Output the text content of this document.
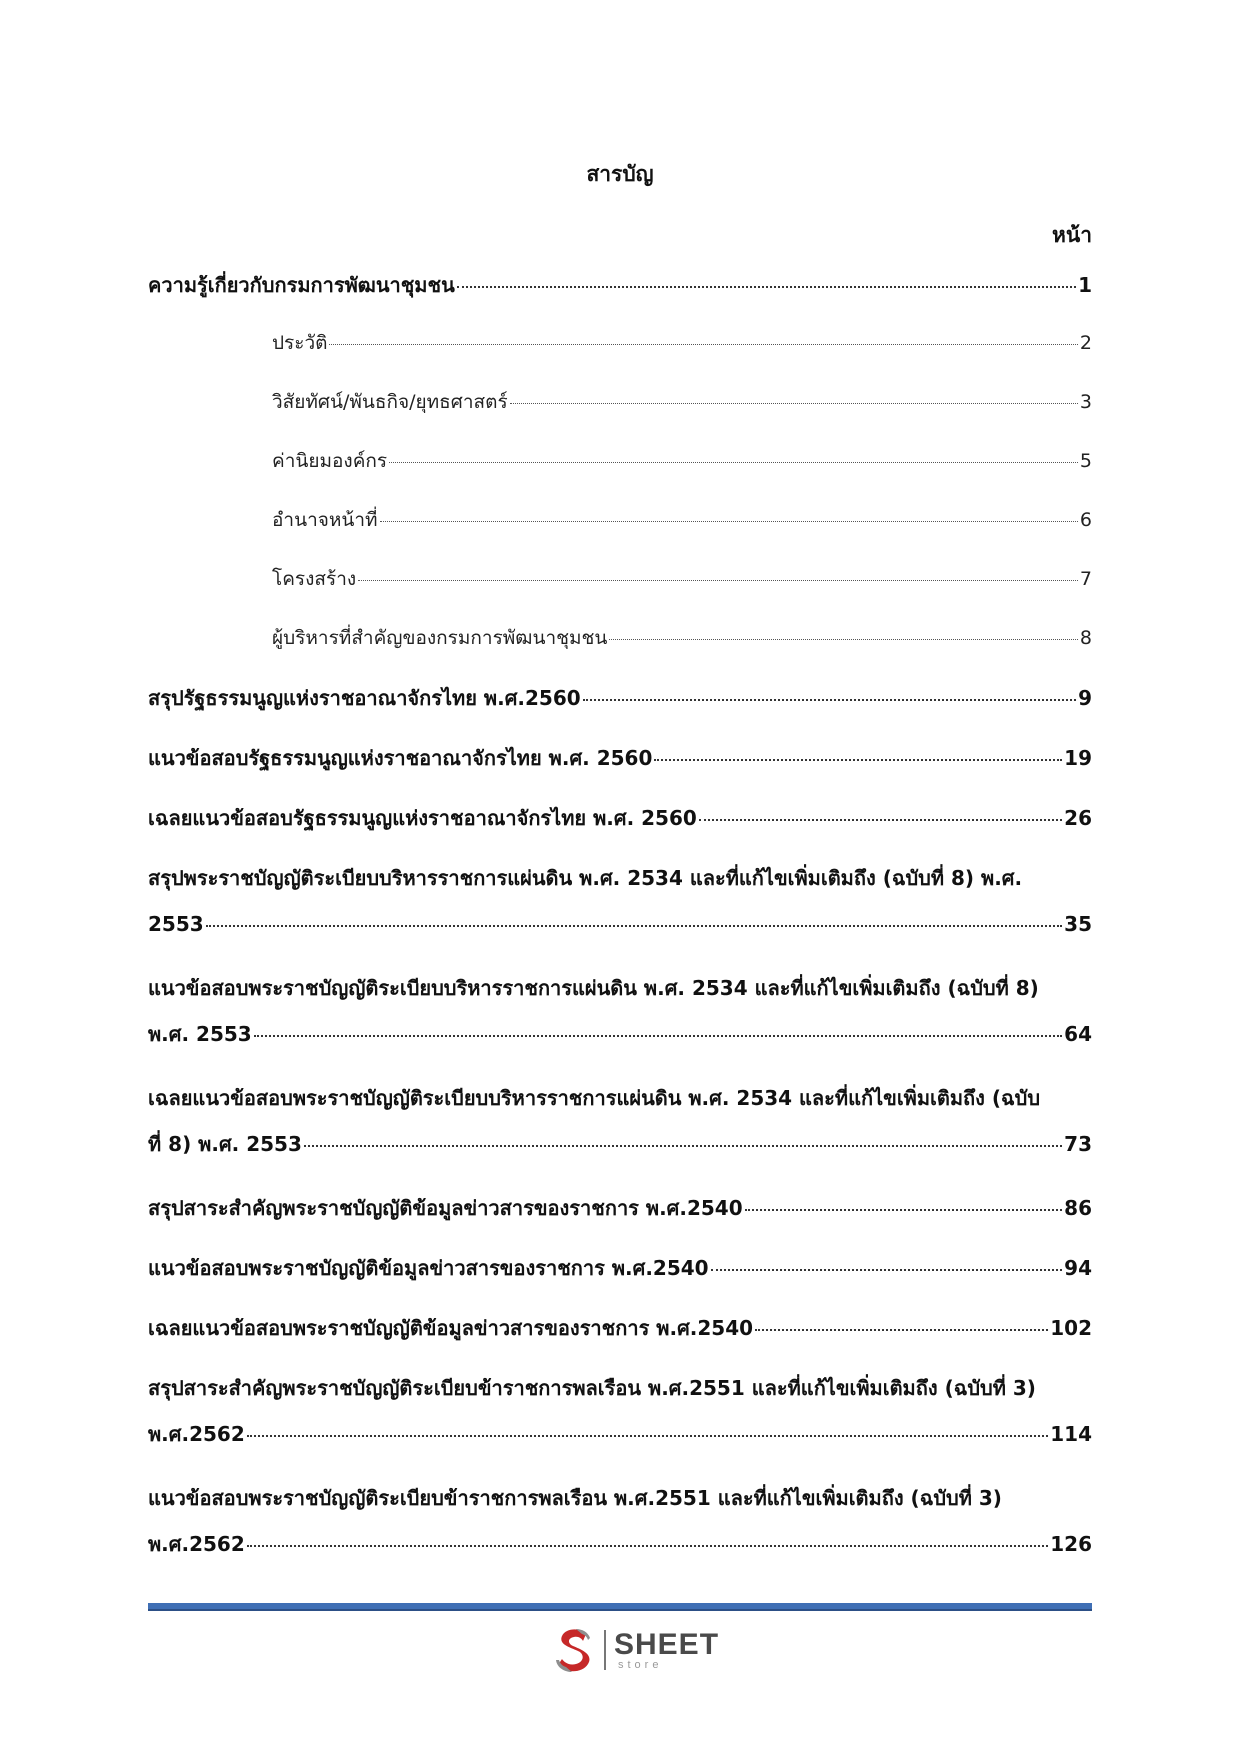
สารบัญ
หน้า
ความรู้เกี่ยวกับกรมการพัฒนาชุมชน	1
ประวัติ	2
วิสัยทัศน์/พันธกิจ/ยุทธศาสตร์	3
ค่านิยมองค์กร	5
อำนาจหน้าที่	6
โครงสร้าง	7
ผู้บริหารที่สำคัญของกรมการพัฒนาชุมชน	8
สรุปรัฐธรรมนูญแห่งราชอาณาจักรไทย พ.ศ.2560	9
แนวข้อสอบรัฐธรรมนูญแห่งราชอาณาจักรไทย พ.ศ. 2560	19
เฉลยแนวข้อสอบรัฐธรรมนูญแห่งราชอาณาจักรไทย พ.ศ. 2560	26
สรุปพระราชบัญญัติระเบียบบริหารราชการแผ่นดิน พ.ศ. 2534 และที่แก้ไขเพิ่มเติมถึง (ฉบับที่ 8) พ.ศ.
2553	35
แนวข้อสอบพระราชบัญญัติระเบียบบริหารราชการแผ่นดิน พ.ศ. 2534 และที่แก้ไขเพิ่มเติมถึง (ฉบับที่ 8)
พ.ศ. 2553	64
เฉลยแนวข้อสอบพระราชบัญญัติระเบียบบริหารราชการแผ่นดิน พ.ศ. 2534 และที่แก้ไขเพิ่มเติมถึง (ฉบับ
ที่ 8) พ.ศ. 2553	73
สรุปสาระสำคัญพระราชบัญญัติข้อมูลข่าวสารของราชการ พ.ศ.2540	86
แนวข้อสอบพระราชบัญญัติข้อมูลข่าวสารของราชการ พ.ศ.2540	94
เฉลยแนวข้อสอบพระราชบัญญัติข้อมูลข่าวสารของราชการ พ.ศ.2540	102
สรุปสาระสำคัญพระราชบัญญัติระเบียบข้าราชการพลเรือน พ.ศ.2551 และที่แก้ไขเพิ่มเติมถึง (ฉบับที่ 3)
พ.ศ.2562	114
แนวข้อสอบพระราชบัญญัติระเบียบข้าราชการพลเรือน พ.ศ.2551 และที่แก้ไขเพิ่มเติมถึง (ฉบับที่ 3)
พ.ศ.2562	126
SHEET
store
